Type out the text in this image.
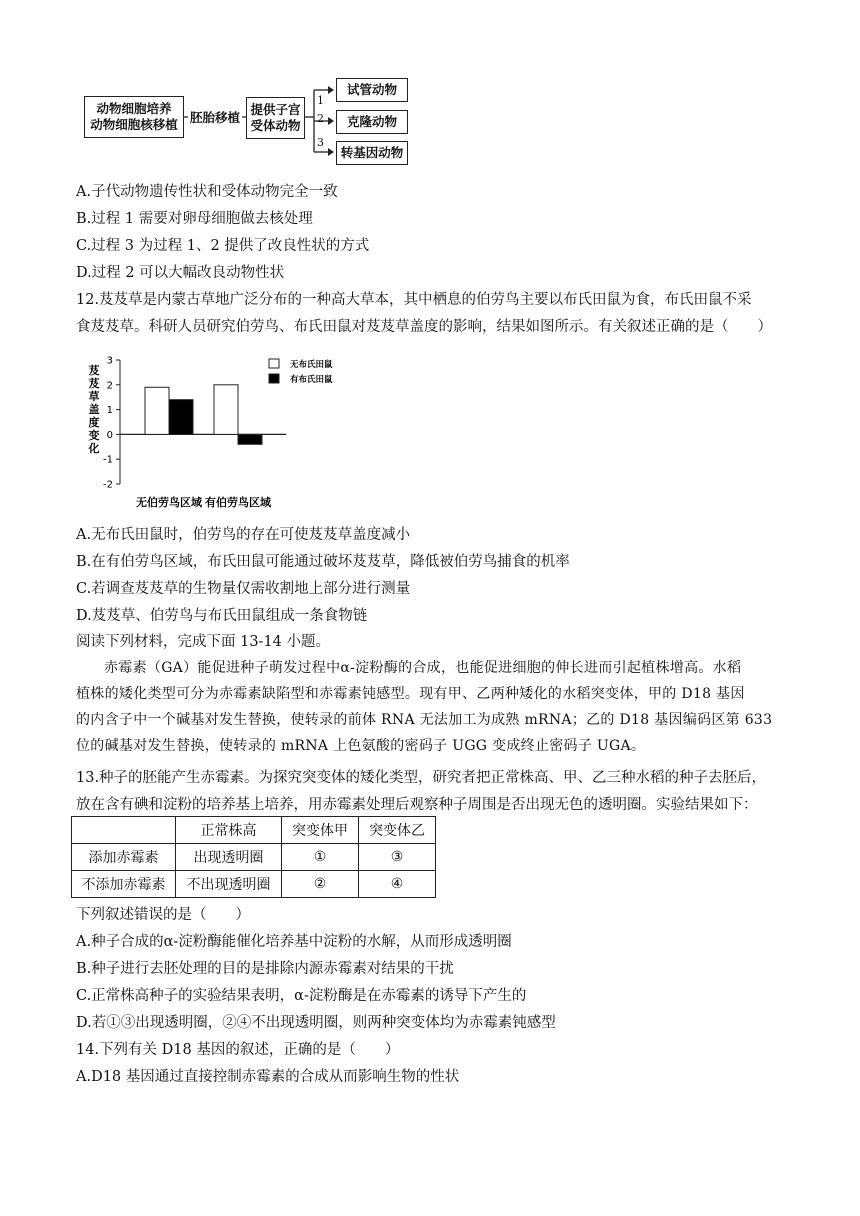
动物细胞培养
动物细胞核移植 胚胎移植
提供子宫
受体动物
1
2
3
试管动物
克隆动物
转基因动物
A.子代动物遗传性状和受体动物完全一致
B.过程 1 需要对卵母细胞做去核处理
C.过程 3 为过程 1、2 提供了改良性状的方式
D.过程 2 可以大幅改良动物性状
12.芨芨草是内蒙古草地广泛分布的一种高大草本，其中栖息的伯劳鸟主要以布氏田鼠为食，布氏田鼠不采
食芨芨草。科研人员研究伯劳鸟、布氏田鼠对芨芨草盖度的影响，结果如图所示。有关叙述正确的是（　　）
芨芨草盖度变化
3
2
1
0
-1
-2
无伯劳鸟区域 有伯劳鸟区域
无布氏田鼠
有布氏田鼠
A.无布氏田鼠时，伯劳鸟的存在可使芨芨草盖度减小
B.在有伯劳鸟区域，布氏田鼠可能通过破坏芨芨草，降低被伯劳鸟捕食的机率
C.若调查芨芨草的生物量仅需收割地上部分进行测量
D.芨芨草、伯劳鸟与布氏田鼠组成一条食物链
阅读下列材料，完成下面 13-14 小题。
赤霉素（GA）能促进种子萌发过程中α-淀粉酶的合成，也能促进细胞的伸长进而引起植株增高。水稻
植株的矮化类型可分为赤霉素缺陷型和赤霉素钝感型。现有甲、乙两种矮化的水稻突变体，甲的 D18 基因
的内含子中一个碱基对发生替换，使转录的前体 RNA 无法加工为成熟 mRNA；乙的 D18 基因编码区第 633
位的碱基对发生替换，使转录的 mRNA 上色氨酸的密码子 UGG 变成终止密码子 UGA。
13.种子的胚能产生赤霉素。为探究突变体的矮化类型，研究者把正常株高、甲、乙三种水稻的种子去胚后，
放在含有碘和淀粉的培养基上培养，用赤霉素处理后观察种子周围是否出现无色的透明圈。实验结果如下：
	正常株高	突变体甲	突变体乙
添加赤霉素	出现透明圈	①	③
不添加赤霉素	不出现透明圈	②	④
下列叙述错误的是（　　）
A.种子合成的α-淀粉酶能催化培养基中淀粉的水解，从而形成透明圈
B.种子进行去胚处理的目的是排除内源赤霉素对结果的干扰
C.正常株高种子的实验结果表明，α-淀粉酶是在赤霉素的诱导下产生的
D.若①③出现透明圈，②④不出现透明圈，则两种突变体均为赤霉素钝感型
14.下列有关 D18 基因的叙述，正确的是（　　）
A.D18 基因通过直接控制赤霉素的合成从而影响生物的性状
